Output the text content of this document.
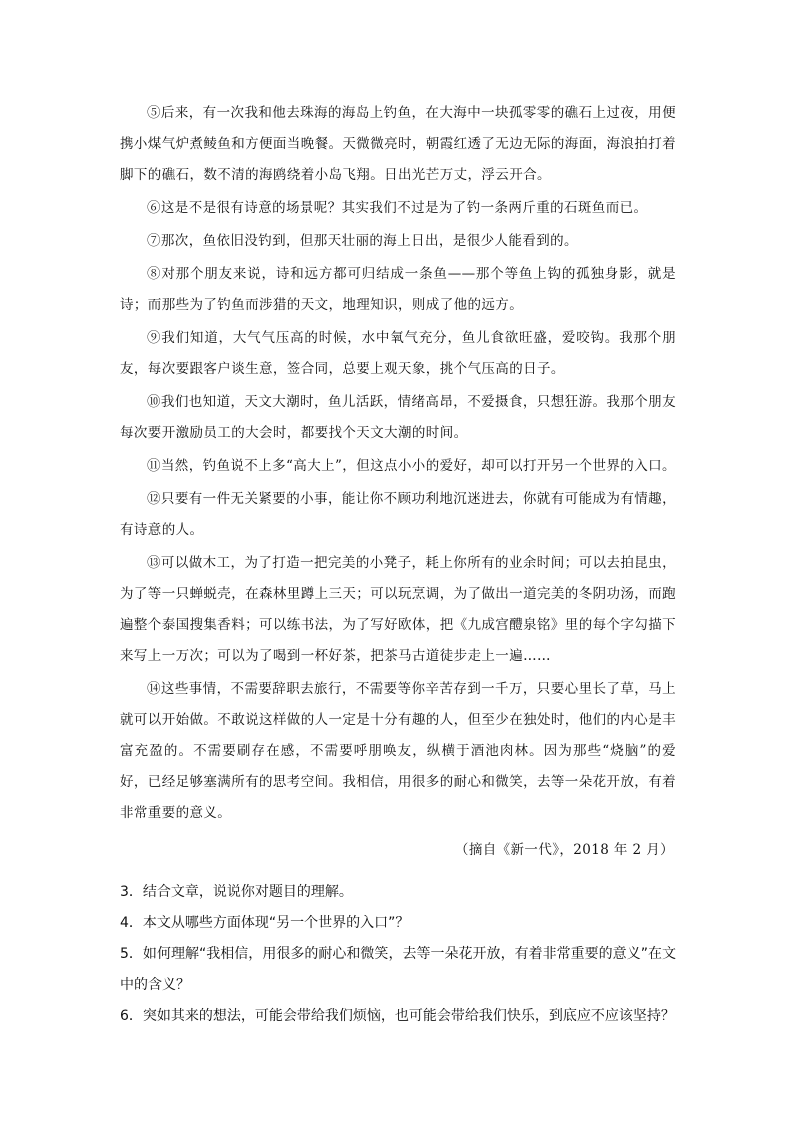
⑤后来，有一次我和他去珠海的海岛上钓鱼，在大海中一块孤零零的礁石上过夜，用便携小煤气炉煮鲮鱼和方便面当晚餐。天微微亮时，朝霞红透了无边无际的海面，海浪拍打着脚下的礁石，数不清的海鸥绕着小岛飞翔。日出光芒万丈，浮云开合。

⑥这是不是很有诗意的场景呢？其实我们不过是为了钓一条两斤重的石斑鱼而已。

⑦那次，鱼依旧没钓到，但那天壮丽的海上日出，是很少人能看到的。

⑧对那个朋友来说，诗和远方都可归结成一条鱼——那个等鱼上钩的孤独身影，就是诗；而那些为了钓鱼而涉猎的天文，地理知识，则成了他的远方。

⑨我们知道，大气气压高的时候，水中氧气充分，鱼儿食欲旺盛，爱咬钩。我那个朋友，每次要跟客户谈生意，签合同，总要上观天象，挑个气压高的日子。

⑩我们也知道，天文大潮时，鱼儿活跃，情绪高昂，不爱摄食，只想狂游。我那个朋友每次要开激励员工的大会时，都要找个天文大潮的时间。

⑪当然，钓鱼说不上多“高大上”，但这点小小的爱好，却可以打开另一个世界的入口。

⑫只要有一件无关紧要的小事，能让你不顾功利地沉迷进去，你就有可能成为有情趣，有诗意的人。

⑬可以做木工，为了打造一把完美的小凳子，耗上你所有的业余时间；可以去拍昆虫，为了等一只蝉蜕壳，在森林里蹲上三天；可以玩烹调，为了做出一道完美的冬阴功汤，而跑遍整个泰国搜集香料；可以练书法，为了写好欧体，把《九成宫醴泉铭》里的每个字勾描下来写上一万次；可以为了喝到一杯好茶，把茶马古道徒步走上一遍……

⑭这些事情，不需要辞职去旅行，不需要等你辛苦存到一千万，只要心里长了草，马上就可以开始做。不敢说这样做的人一定是十分有趣的人，但至少在独处时，他们的内心是丰富充盈的。不需要刷存在感，不需要呼朋唤友，纵横于酒池肉林。因为那些“烧脑”的爱好，已经足够塞满所有的思考空间。我相信，用很多的耐心和微笑，去等一朵花开放，有着非常重要的意义。

（摘自《新一代》，2018 年 2 月）

3．结合文章，说说你对题目的理解。

4．本文从哪些方面体现“另一个世界的入口”？

5．如何理解“我相信，用很多的耐心和微笑，去等一朵花开放，有着非常重要的意义”在文中的含义？

6．突如其来的想法，可能会带给我们烦恼，也可能会带给我们快乐，到底应不应该坚持？
